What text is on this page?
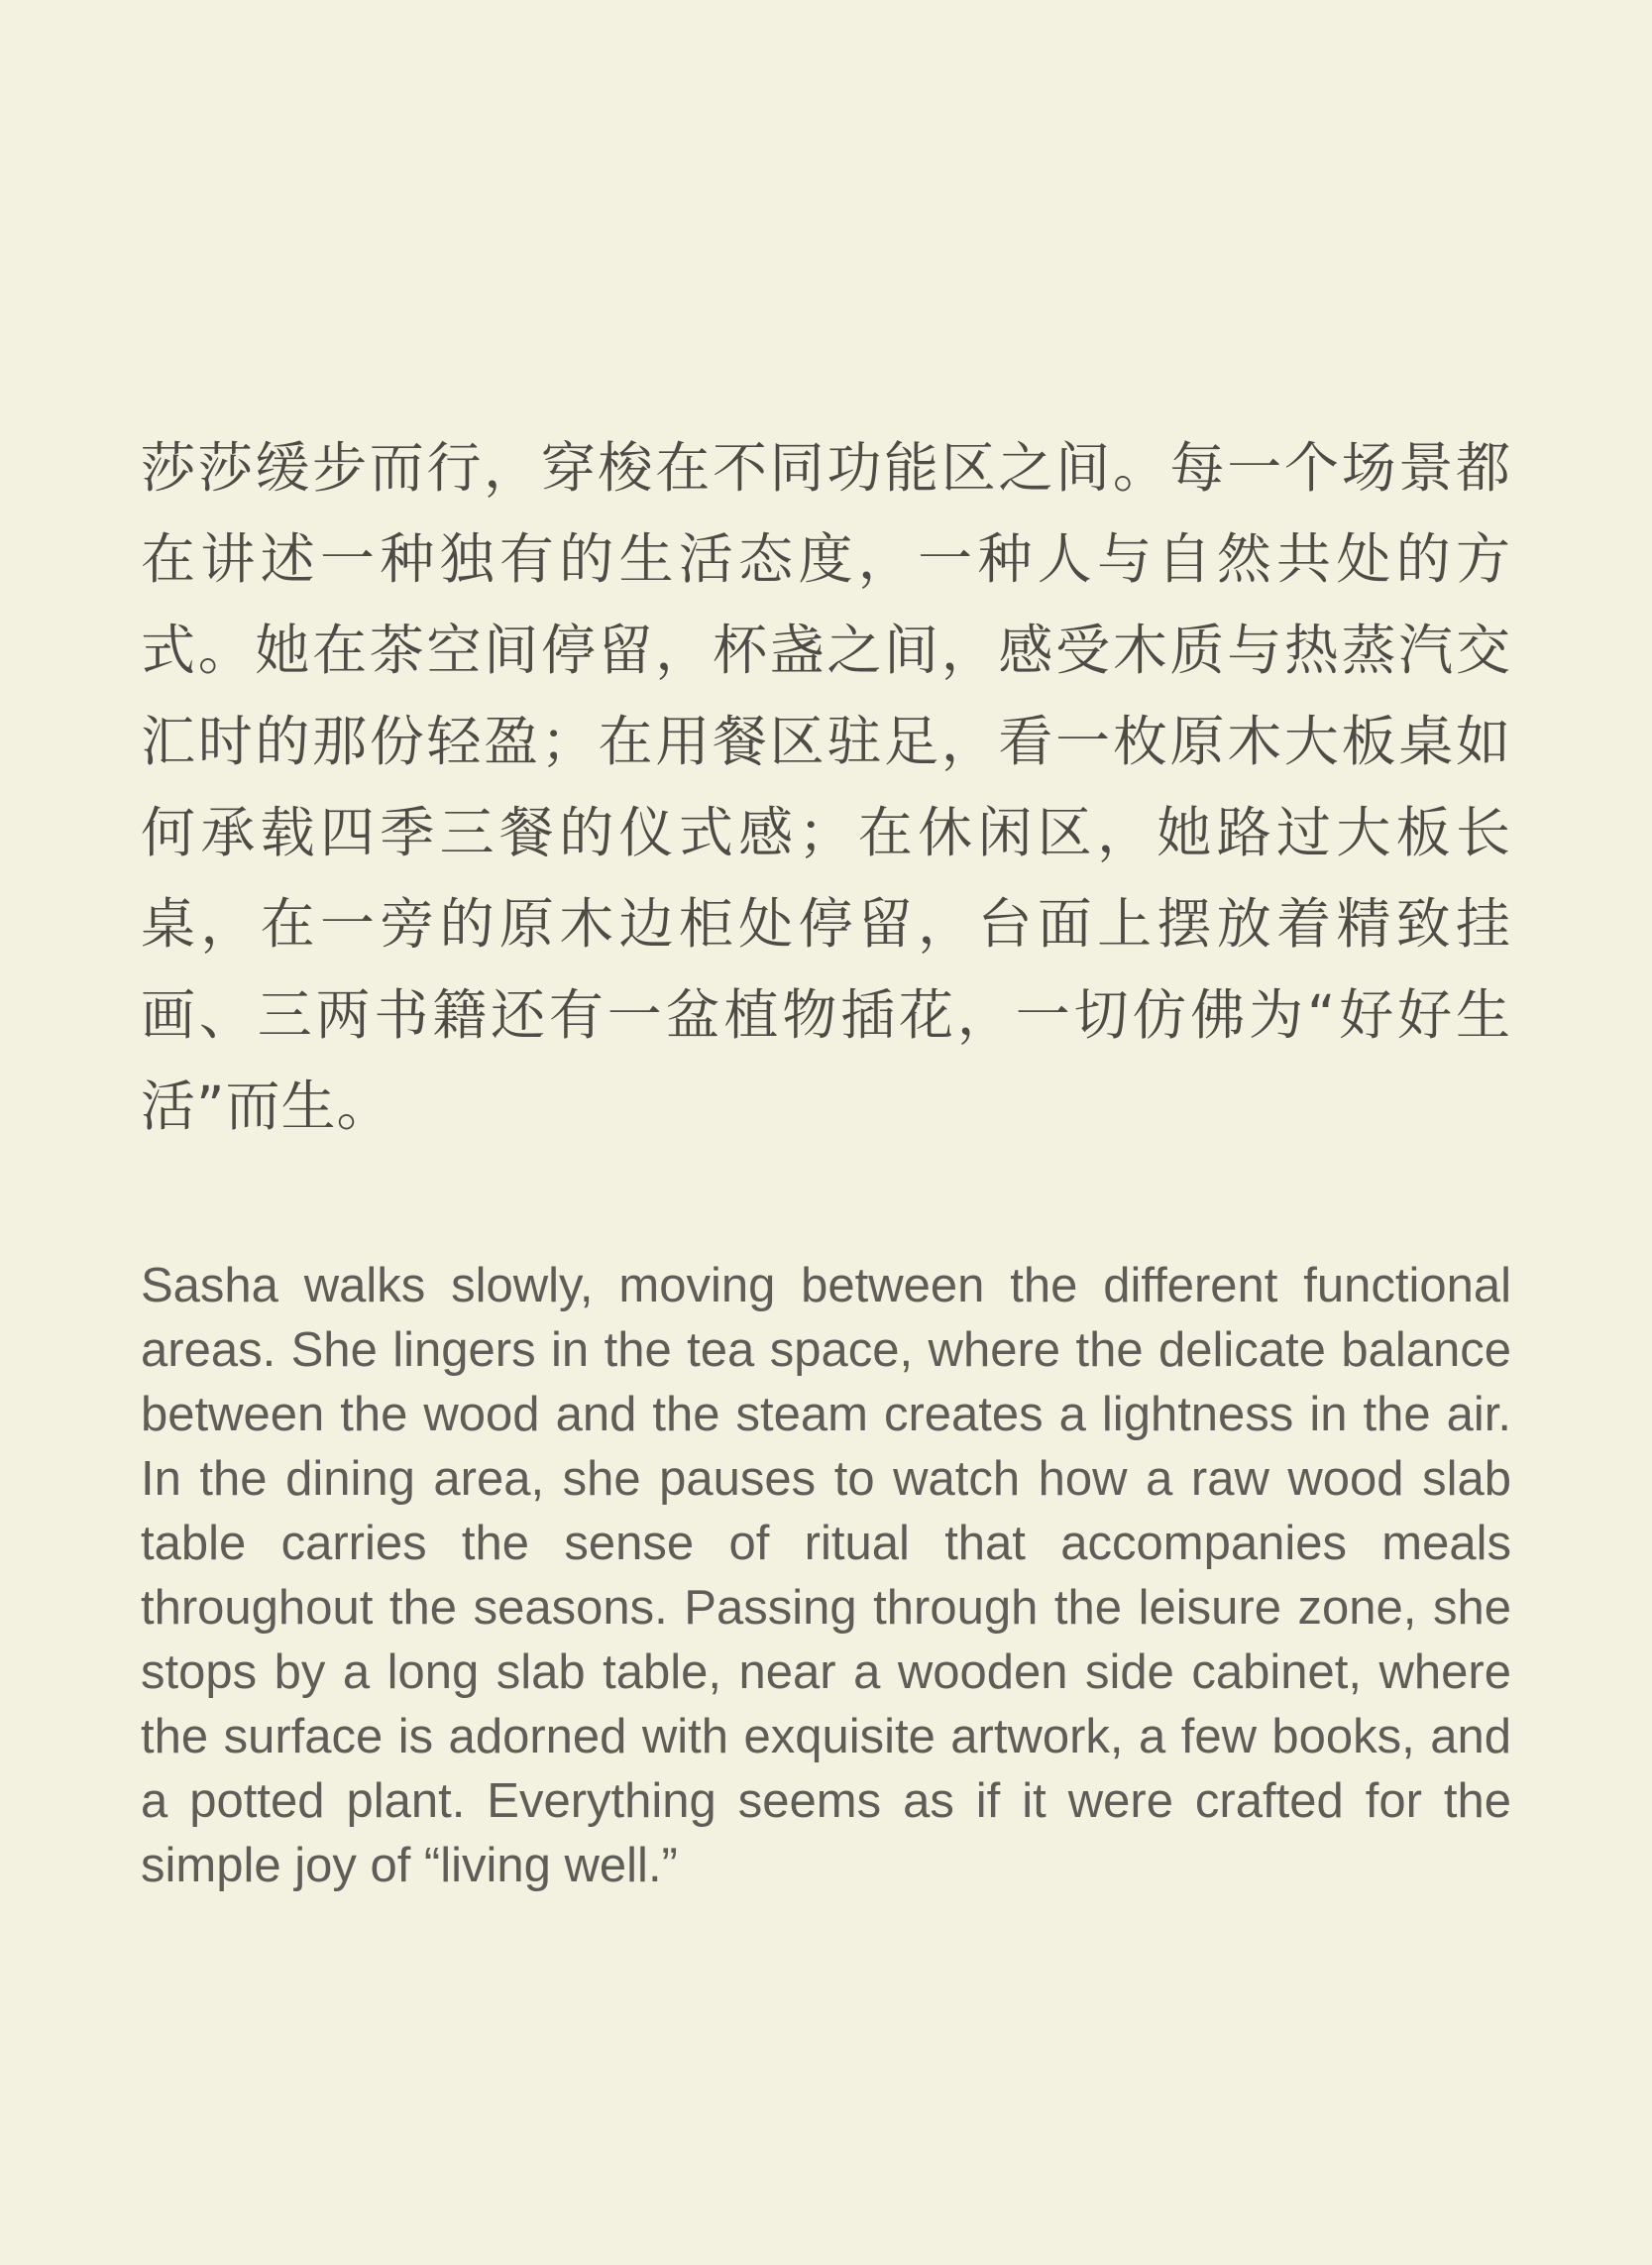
莎莎缓步而行，穿梭在不同功能区之间。每一个场景都在讲述一种独有的生活态度，一种人与自然共处的方式。她在茶空间停留，杯盏之间，感受木质与热蒸汽交汇时的那份轻盈；在用餐区驻足，看一枚原木大板桌如何承载四季三餐的仪式感；在休闲区，她路过大板长桌，在一旁的原木边柜处停留，台面上摆放着精致挂画、三两书籍还有一盆植物插花，一切仿佛为“好好生活”而生。

Sasha walks slowly, moving between the different functional areas. She lingers in the tea space, where the delicate balance between the wood and the steam creates a lightness in the air. In the dining area, she pauses to watch how a raw wood slab table carries the sense of ritual that accompanies meals throughout the seasons. Passing through the leisure zone, she stops by a long slab table, near a wooden side cabinet, where the surface is adorned with exquisite artwork, a few books, and a potted plant. Everything seems as if it were crafted for the simple joy of “living well.”
